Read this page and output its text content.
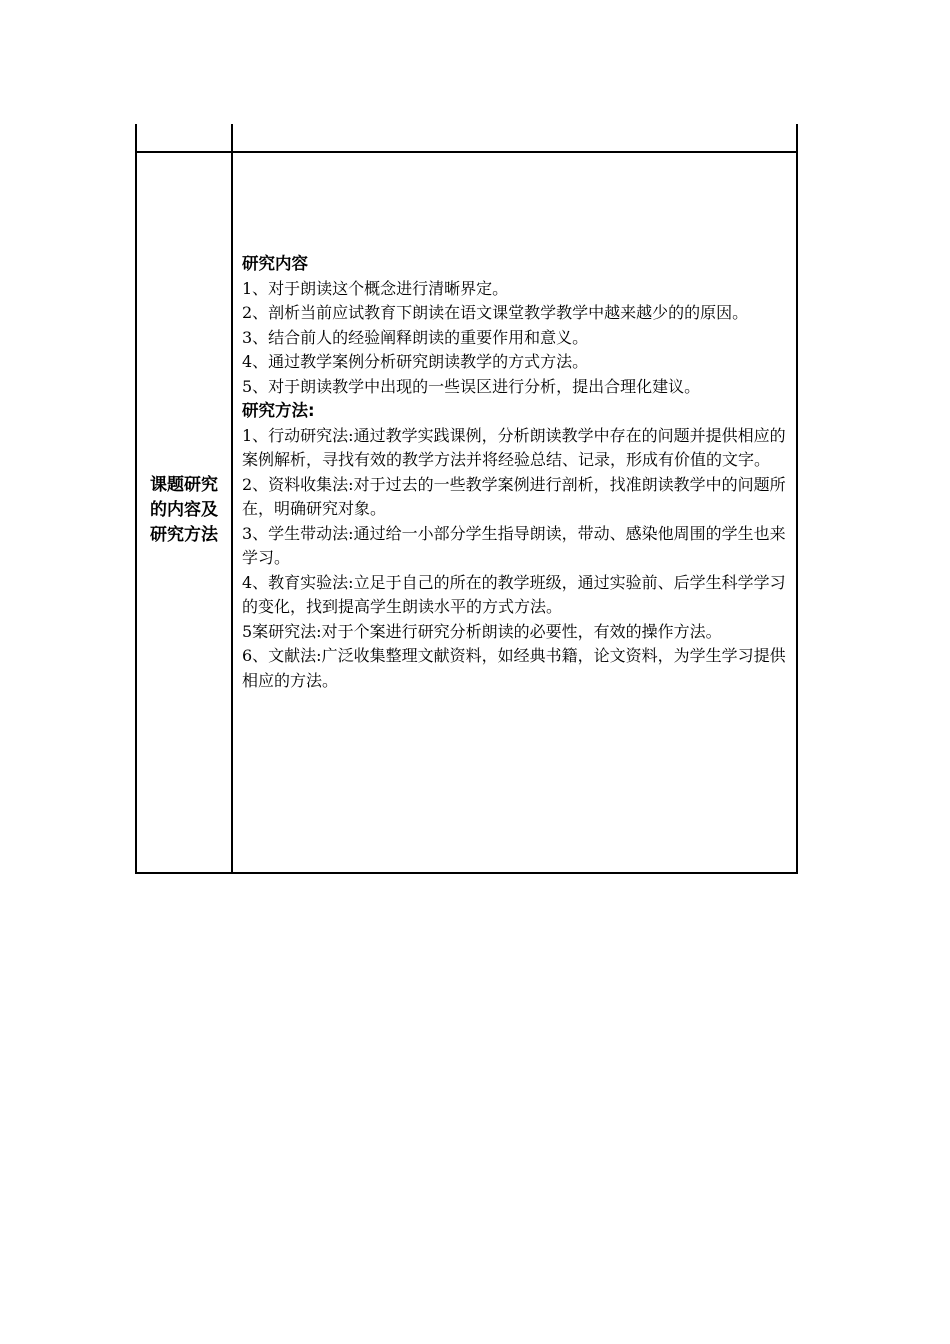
课题研究
的内容及
研究方法

研究内容

1、对于朗读这个概念进行清晰界定。

2、剖析当前应试教育下朗读在语文课堂教学教学中越来越少的的原因。

3、结合前人的经验阐释朗读的重要作用和意义。

4、通过教学案例分析研究朗读教学的方式方法。

5、对于朗读教学中出现的一些误区进行分析，提出合理化建议。

研究方法:

1、行动研究法:通过教学实践课例，分析朗读教学中存在的问题并提供相应的案例解析，寻找有效的教学方法并将经验总结、记录，形成有价值的文字。

2、资料收集法:对于过去的一些教学案例进行剖析，找准朗读教学中的问题所在，明确研究对象。

3、学生带动法:通过给一小部分学生指导朗读，带动、感染他周围的学生也来学习。

4、教育实验法:立足于自己的所在的教学班级，通过实验前、后学生科学学习的变化，找到提高学生朗读水平的方式方法。

5案研究法:对于个案进行研究分析朗读的必要性，有效的操作方法。

6、文献法:广泛收集整理文献资料，如经典书籍，论文资料，为学生学习提供相应的方法。
